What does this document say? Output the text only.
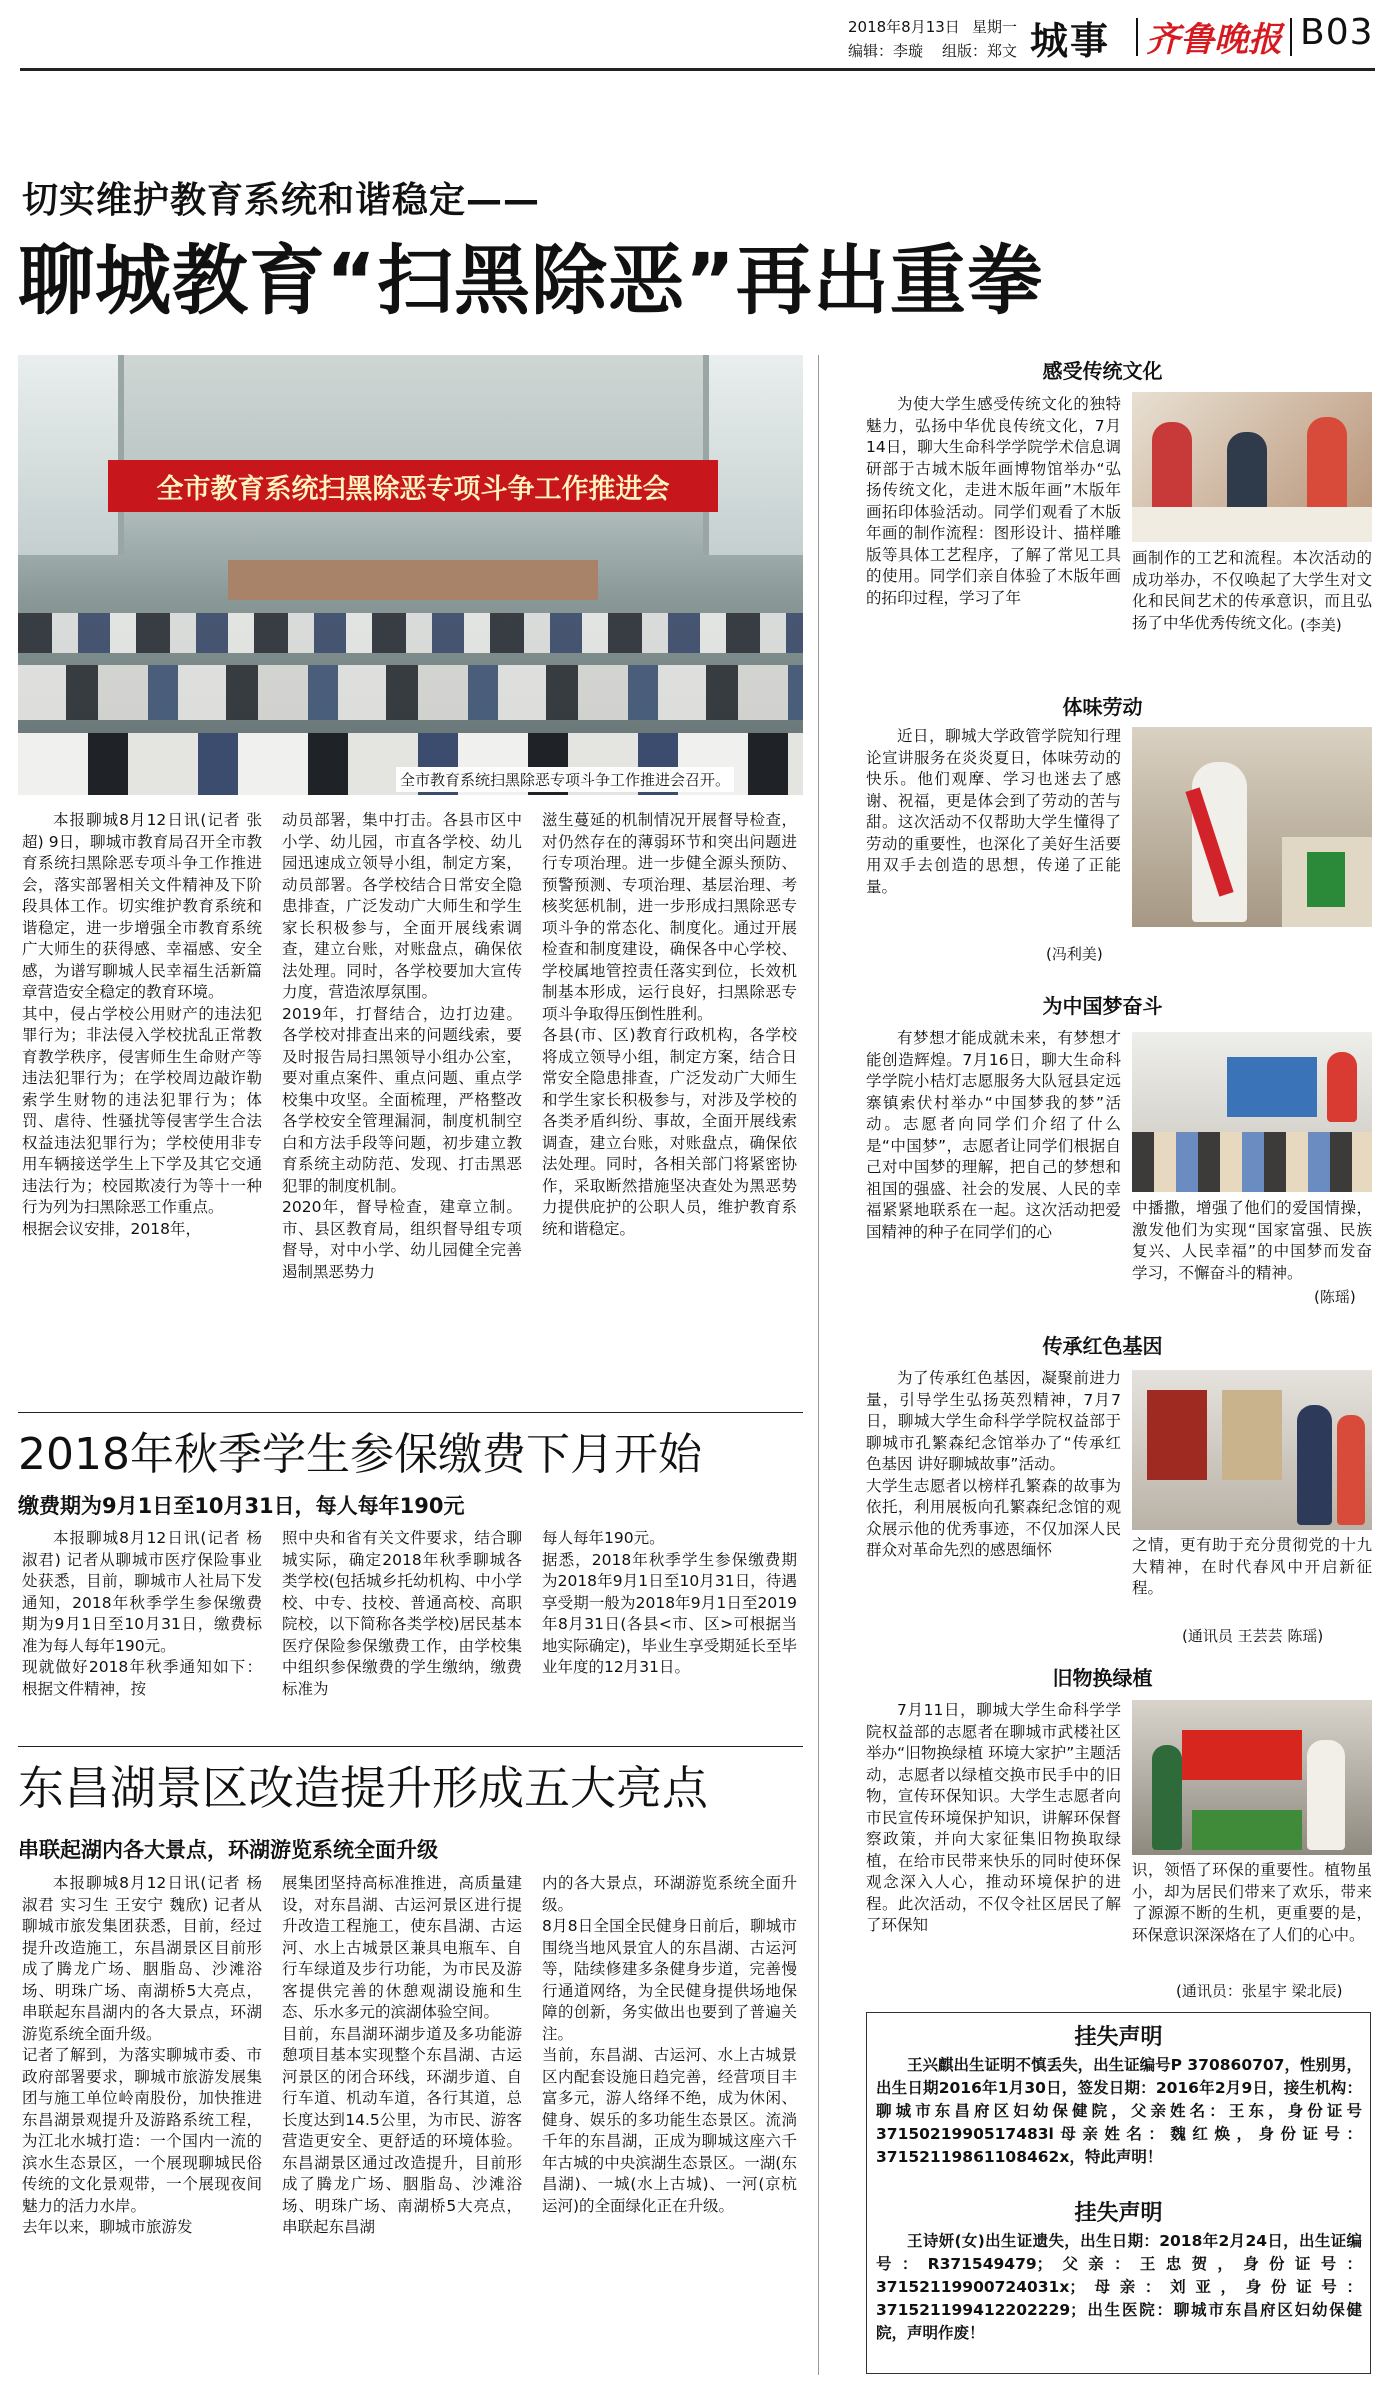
2018年8月13日 星期一
编辑：李璇 组版：郑文 城事 齐鲁晚报 B03
切实维护教育系统和谐稳定——
聊城教育“扫黑除恶”再出重拳
全市教育系统扫黑除恶专项斗争工作推进会
全市教育系统扫黑除恶专项斗争工作推进会召开。

本报聊城8月12日讯(记者 张超) 9日，聊城市教育局召开全市教育系统扫黑除恶专项斗争工作推进会，落实部署相关文件精神及下阶段具体工作。切实维护教育系统和谐稳定，进一步增强全市教育系统广大师生的获得感、幸福感、安全感，为谱写聊城人民幸福生活新篇章营造安全稳定的教育环境。
其中，侵占学校公用财产的违法犯罪行为；非法侵入学校扰乱正常教育教学秩序，侵害师生生命财产等违法犯罪行为；在学校周边敲诈勒索学生财物的违法犯罪行为；体罚、虐待、性骚扰等侵害学生合法权益违法犯罪行为；学校使用非专用车辆接送学生上下学及其它交通违法行为；校园欺凌行为等十一种行为列为扫黑除恶工作重点。
根据会议安排，2018年，

动员部署，集中打击。各县市区中小学、幼儿园，市直各学校、幼儿园迅速成立领导小组，制定方案，动员部署。各学校结合日常安全隐患排查，广泛发动广大师生和学生家长积极参与，全面开展线索调查，建立台账，对账盘点，确保依法处理。同时，各学校要加大宣传力度，营造浓厚氛围。
2019年，打督结合，边打边建。各学校对排查出来的问题线索，要及时报告局扫黑领导小组办公室，要对重点案件、重点问题、重点学校集中攻坚。全面梳理，严格整改各学校安全管理漏洞，制度机制空白和方法手段等问题，初步建立教育系统主动防范、发现、打击黑恶犯罪的制度机制。
2020年，督导检查，建章立制。市、县区教育局，组织督导组专项督导，对中小学、幼儿园健全完善遏制黑恶势力

滋生蔓延的机制情况开展督导检查，对仍然存在的薄弱环节和突出问题进行专项治理。进一步健全源头预防、预警预测、专项治理、基层治理、考核奖惩机制，进一步形成扫黑除恶专项斗争的常态化、制度化。通过开展检查和制度建设，确保各中心学校、学校属地管控责任落实到位，长效机制基本形成，运行良好，扫黑除恶专项斗争取得压倒性胜利。
各县(市、区)教育行政机构，各学校将成立领导小组，制定方案，结合日常安全隐患排查，广泛发动广大师生和学生家长积极参与，对涉及学校的各类矛盾纠纷、事故，全面开展线索调查，建立台账，对账盘点，确保依法处理。同时，各相关部门将紧密协作，采取断然措施坚决查处为黑恶势力提供庇护的公职人员，维护教育系统和谐稳定。

2018年秋季学生参保缴费下月开始
缴费期为9月1日至10月31日，每人每年190元

本报聊城8月12日讯(记者 杨淑君) 记者从聊城市医疗保险事业处获悉，目前，聊城市人社局下发通知，2018年秋季学生参保缴费期为9月1日至10月31日，缴费标准为每人每年190元。
现就做好2018年秋季通知如下：根据文件精神，按

照中央和省有关文件要求，结合聊城实际，确定2018年秋季聊城各类学校(包括城乡托幼机构、中小学校、中专、技校、普通高校、高职院校，以下简称各类学校)居民基本医疗保险参保缴费工作，由学校集中组织参保缴费的学生缴纳，缴费标准为

每人每年190元。
据悉，2018年秋季学生参保缴费期为2018年9月1日至10月31日，待遇享受期一般为2018年9月1日至2019年8月31日(各县<市、区>可根据当地实际确定)，毕业生享受期延长至毕业年度的12月31日。

东昌湖景区改造提升形成五大亮点
串联起湖内各大景点，环湖游览系统全面升级

本报聊城8月12日讯(记者 杨淑君 实习生 王安宁 魏欣) 记者从聊城市旅发集团获悉，目前，经过提升改造施工，东昌湖景区目前形成了腾龙广场、胭脂岛、沙滩浴场、明珠广场、南湖桥5大亮点，串联起东昌湖内的各大景点，环湖游览系统全面升级。
记者了解到，为落实聊城市委、市政府部署要求，聊城市旅游发展集团与施工单位岭南股份，加快推进东昌湖景观提升及游路系统工程，为江北水城打造：一个国内一流的滨水生态景区，一个展现聊城民俗传统的文化景观带，一个展现夜间魅力的活力水岸。
去年以来，聊城市旅游发

展集团坚持高标准推进，高质量建设，对东昌湖、古运河景区进行提升改造工程施工，使东昌湖、古运河、水上古城景区兼具电瓶车、自行车绿道及步行功能，为市民及游客提供完善的休憩观湖设施和生态、乐水多元的滨湖体验空间。
目前，东昌湖环湖步道及多功能游憩项目基本实现整个东昌湖、古运河景区的闭合环线，环湖步道、自行车道、机动车道，各行其道，总长度达到14.5公里，为市民、游客营造更安全、更舒适的环境体验。东昌湖景区通过改造提升，目前形成了腾龙广场、胭脂岛、沙滩浴场、明珠广场、南湖桥5大亮点，串联起东昌湖

内的各大景点，环湖游览系统全面升级。
8月8日全国全民健身日前后，聊城市围绕当地风景宜人的东昌湖、古运河等，陆续修建多条健身步道，完善慢行通道网络，为全民健身提供场地保障的创新，务实做出也要到了普遍关注。
当前，东昌湖、古运河、水上古城景区内配套设施日趋完善，经营项目丰富多元，游人络绎不绝，成为休闲、健身、娱乐的多功能生态景区。流淌千年的东昌湖，正成为聊城这座六千年古城的中央滨湖生态景区。一湖(东昌湖)、一城(水上古城)、一河(京杭运河)的全面绿化正在升级。

感受传统文化

为使大学生感受传统文化的独特魅力，弘扬中华优良传统文化，7月14日，聊大生命科学学院学术信息调研部于古城木版年画博物馆举办“弘扬传统文化，走进木版年画”木版年画拓印体验活动。同学们观看了木版年画的制作流程：图形设计、描样雕版等具体工艺程序，了解了常见工具的使用。同学们亲自体验了木版年画的拓印过程，学习了年

画制作的工艺和流程。本次活动的成功举办，不仅唤起了大学生对文化和民间艺术的传承意识，而且弘扬了中华优秀传统文化。

(李美)
体味劳动

近日，聊城大学政管学院知行理论宣讲服务在炎炎夏日，体味劳动的快乐。他们观摩、学习也迷去了感谢、祝福，更是体会到了劳动的苦与甜。这次活动不仅帮助大学生懂得了劳动的重要性，也深化了美好生活要用双手去创造的思想，传递了正能量。

(冯利美)
为中国梦奋斗

有梦想才能成就未来，有梦想才能创造辉煌。7月16日，聊大生命科学学院小桔灯志愿服务大队冠县定远寨镇索伏村举办“中国梦我的梦”活动。志愿者向同学们介绍了什么是“中国梦”，志愿者让同学们根据自己对中国梦的理解，把自己的梦想和祖国的强盛、社会的发展、人民的幸福紧紧地联系在一起。这次活动把爱国精神的种子在同学们的心

中播撒，增强了他们的爱国情操，激发他们为实现“国家富强、民族复兴、人民幸福”的中国梦而发奋学习，不懈奋斗的精神。

(陈瑶)
传承红色基因

为了传承红色基因，凝聚前进力量，引导学生弘扬英烈精神，7月7日，聊城大学生命科学学院权益部于聊城市孔繁森纪念馆举办了“传承红色基因 讲好聊城故事”活动。
大学生志愿者以榜样孔繁森的故事为依托，利用展板向孔繁森纪念馆的观众展示他的优秀事迹，不仅加深人民群众对革命先烈的感恩缅怀	之情，更有助于充分贯彻党的十九大精神，在时代春风中开启新征程。

(通讯员 王芸芸 陈瑶)
旧物换绿植

7月11日，聊城大学生命科学学院权益部的志愿者在聊城市武楼社区举办“旧物换绿植 环境大家护”主题活动，志愿者以绿植交换市民手中的旧物，宣传环保知识。大学生志愿者向市民宣传环境保护知识，讲解环保督察政策，并向大家征集旧物换取绿植，在给市民带来快乐的同时使环保观念深入人心，推动环境保护的进程。此次活动，不仅令社区居民了解了环保知

识，领悟了环保的重要性。植物虽小，却为居民们带来了欢乐，带来了源源不断的生机，更重要的是，环保意识深深烙在了人们的心中。

(通讯员：张星宇 梁北辰)
挂失声明
王兴麒出生证明不慎丢失，出生证编号P 370860707，性别男，出生日期2016年1月30日，签发日期：2016年2月9日，接生机构：聊城市东昌府区妇幼保健院，父亲姓名：王东，身份证号3715021990517483l母亲姓名：魏红焕，身份证号：371521198611084​62x，特此声明！
挂失声明
王诗妍(女)出生证遗失，出生日期：2018年2月24日，出生证编号：R371549479；父亲：王忠贺，身份证号：37152119900724031x；母亲：刘亚，身份证号：371521199412202229；出生医院：聊城市东昌府区妇幼保健院，声明作废！
